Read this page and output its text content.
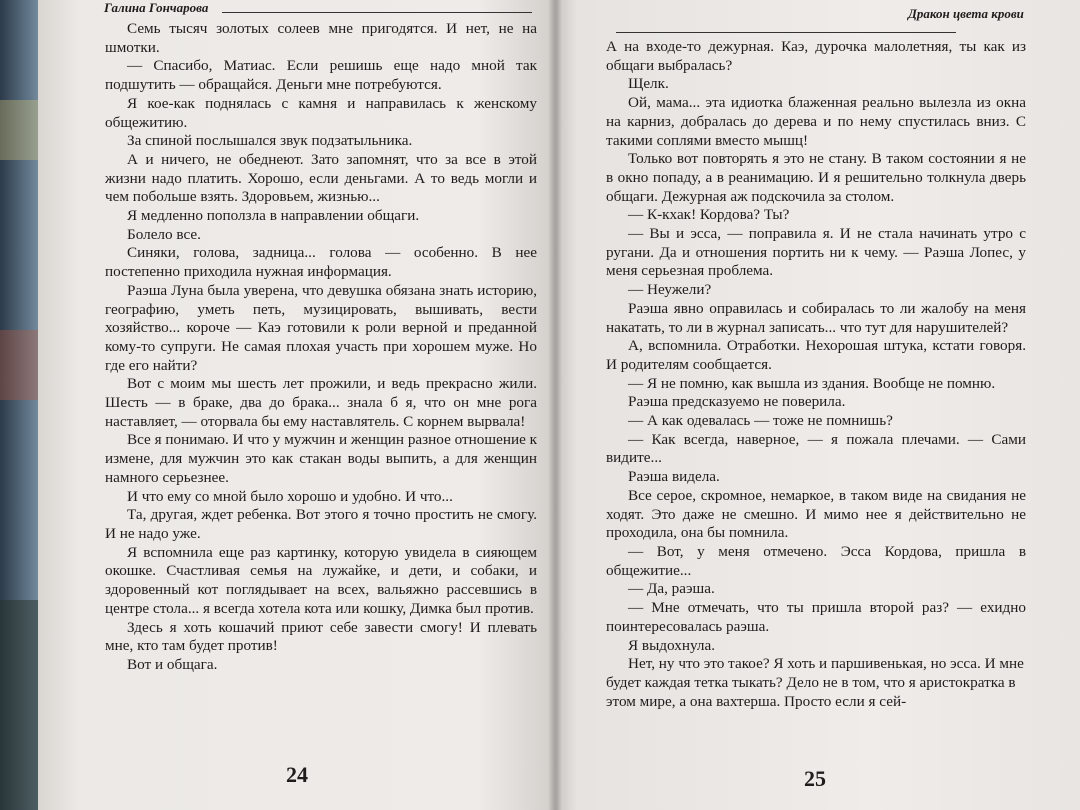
Галина Гончарова

Семь тысяч золотых солеев мне пригодятся. И нет, не на шмотки.

— Спасибо, Матиас. Если решишь еще надо мной так подшутить — обращайся. Деньги мне потребуются.

Я кое-как поднялась с камня и направилась к женскому общежитию.

За спиной послышался звук подзатыльника.

А и ничего, не обеднеют. Зато запомнят, что за все в этой жизни надо платить. Хорошо, если деньгами. А то ведь могли и чем побольше взять. Здоровьем, жизнью...

Я медленно поползла в направлении общаги.

Болело все.

Синяки, голова, задница... голова — особенно. В нее постепенно приходила нужная информация.

Раэша Луна была уверена, что девушка обязана знать историю, географию, уметь петь, музицировать, вышивать, вести хозяйство... короче — Каэ готовили к роли верной и преданной кому-то супруги. Не самая плохая участь при хорошем муже. Но где его найти?

Вот с моим мы шесть лет прожили, и ведь прекрасно жили. Шесть — в браке, два до брака... знала б я, что он мне рога наставляет, — оторвала бы ему наставлятель. С корнем вырвала!

Все я понимаю. И что у мужчин и женщин разное отношение к измене, для мужчин это как стакан воды выпить, а для женщин намного серьезнее.

И что ему со мной было хорошо и удобно. И что...

Та, другая, ждет ребенка. Вот этого я точно простить не смогу. И не надо уже.

Я вспомнила еще раз картинку, которую увидела в сияющем окошке. Счастливая семья на лужайке, и дети, и собаки, и здоровенный кот поглядывает на всех, вальяжно рассевшись в центре стола... я всегда хотела кота или кошку, Димка был против.

Здесь я хоть кошачий приют себе завести смогу! И плевать мне, кто там будет против!

Вот и общага.

24
Дракон цвета крови

А на входе-то дежурная. Каэ, дурочка малолетняя, ты как из общаги выбралась?

Щелк.

Ой, мама... эта идиотка блаженная реально вылезла из окна на карниз, добралась до дерева и по нему спустилась вниз. С такими соплями вместо мышц!

Только вот повторять я это не стану. В таком состоянии я не в окно попаду, а в реанимацию. И я решительно толкнула дверь общаги. Дежурная аж подскочила за столом.

— К-кхак! Кордова? Ты?

— Вы и эсса, — поправила я. И не стала начинать утро с ругани. Да и отношения портить ни к чему. — Раэша Лопес, у меня серьезная проблема.

— Неужели?

Раэша явно оправилась и собиралась то ли жалобу на меня накатать, то ли в журнал записать... что тут для нарушителей?

А, вспомнила. Отработки. Нехорошая штука, кстати говоря. И родителям сообщается.

— Я не помню, как вышла из здания. Вообще не помню.

Раэша предсказуемо не поверила.

— А как одевалась — тоже не помнишь?

— Как всегда, наверное, — я пожала плечами. — Сами видите...

Раэша видела.

Все серое, скромное, немаркое, в таком виде на свидания не ходят. Это даже не смешно. И мимо нее я действительно не проходила, она бы помнила.

— Вот, у меня отмечено. Эсса Кордова, пришла в общежитие...

— Да, раэша.

— Мне отмечать, что ты пришла второй раз? — ехидно поинтересовалась раэша.

Я выдохнула.

Нет, ну что это такое? Я хоть и паршивенькая, но эсса. И мне будет каждая тетка тыкать? Дело не в том, что я аристократка в этом мире, а она вахтерша. Просто если я сей-

25
